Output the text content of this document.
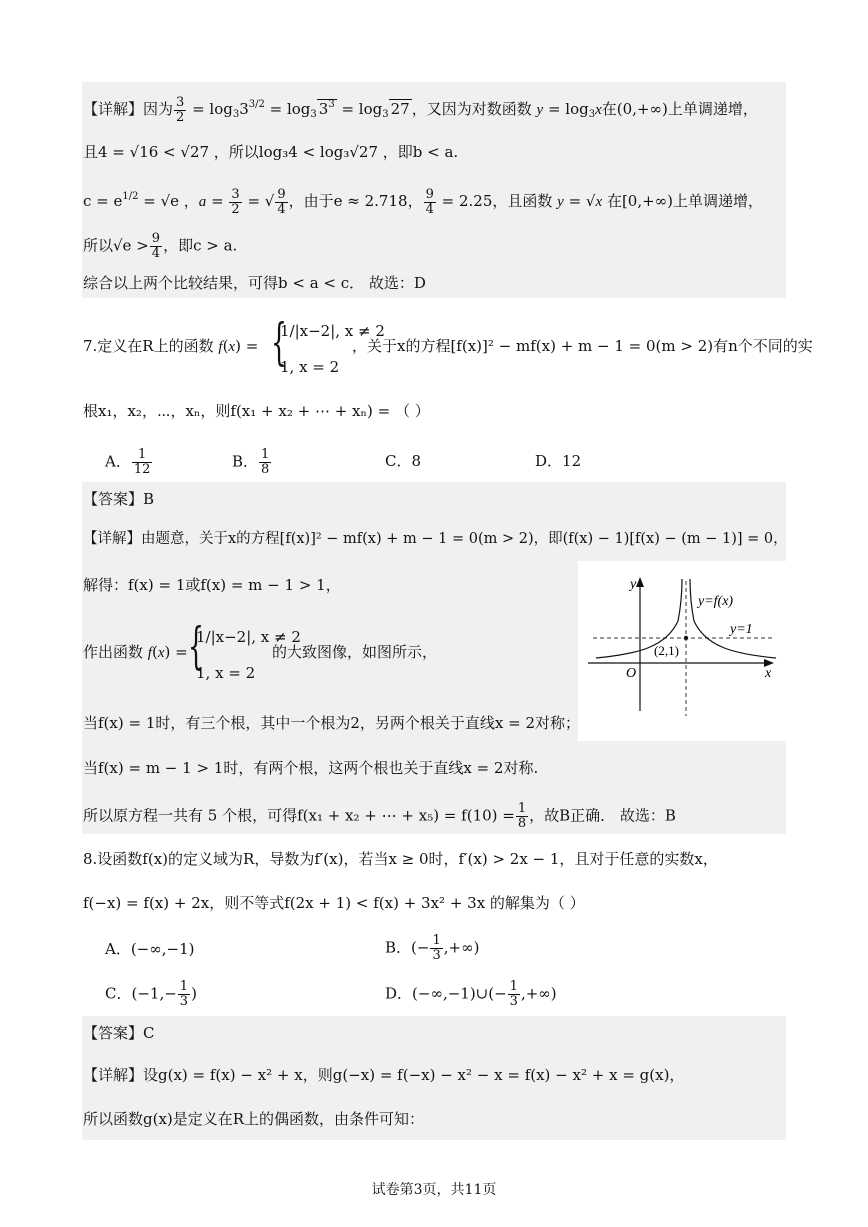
【详解】因为 $\frac{3}{2} = \log_33^{3/2} = \log_3 3^3 = \log_3 27$ ，又因为对数函数 $y = \log_3x$在(0,+∞)上单调递增，
且4 = √16 < √27 ，所以log₃4 < log₃√27 ，即b < a.
$c = e^{1/2} = √e$ ，$a = \frac{3}{2}$ = √ $\frac{9}{4}$ ，由于e ≈ 2.718， $\frac{9}{4} = 2.25$，且函数 y = √x 在[0,+∞)上单调递增，
所以$√e > \frac{9}{4}$ ，即c > a.
综合以上两个比较结果，可得b < a < c． 故选：D
7.定义在R上的函数 f(x) = {
1/|x−2|, x ≠ 2
1, x = 2
，关于x的方程[f(x)]² − mf(x) + m − 1 = 0(m > 2)有n个不同的实
根x₁，x₂，⋯，xₙ，则f(x₁ + x₂ + ⋯ + xₙ) = （ ）
A． $\frac{1}{12}$	B． $\frac{1}{8}$	C．8	D．12
【答案】B
【详解】由题意，关于x的方程[f(x)]² − mf(x) + m − 1 = 0(m > 2)，即(f(x) − 1)[f(x) − (m − 1)] = 0，
解得：f(x) = 1或f(x) = m − 1 > 1，
作出函数 f(x) = {
1/|x−2|, x ≠ 2
1, x = 2
的大致图像，如图所示，
y
x
O
y=f(x)
y=1
(2,1)
当f(x) = 1时，有三个根，其中一个根为2，另两个根关于直线x = 2对称；
当f(x) = m − 1 > 1时，有两个根，这两个根也关于直线x = 2对称.
所以原方程一共有 5 个根，可得f(x₁ + x₂ + ⋯ + $x_5) = f(10) = \frac{1}{8}$ ，故B正确． 故选：B
8.设函数f(x)的定义域为R，导数为f′(x)，若当x ≥ 0时，f′(x) > 2x − 1，且对于任意的实数x，
f(−x) = f(x) + 2x，则不等式f(2x + 1) < f(x) + 3x² + 3x 的解集为（ ）
A．(−∞,−1)	B．(− $\frac{1}{3}$ ,+∞)
C．($-1,- \frac{1}{3}$ )	D．(−∞,−1)∪(− $\frac{1}{3}$ ,+∞)
【答案】C
【详解】设g(x) = f(x) − x² + x，则g(−x) = f(−x) − x² − x = f(x) − x² + x = g(x)，
所以函数g(x)是定义在R上的偶函数，由条件可知：
试卷第3页，共11页
